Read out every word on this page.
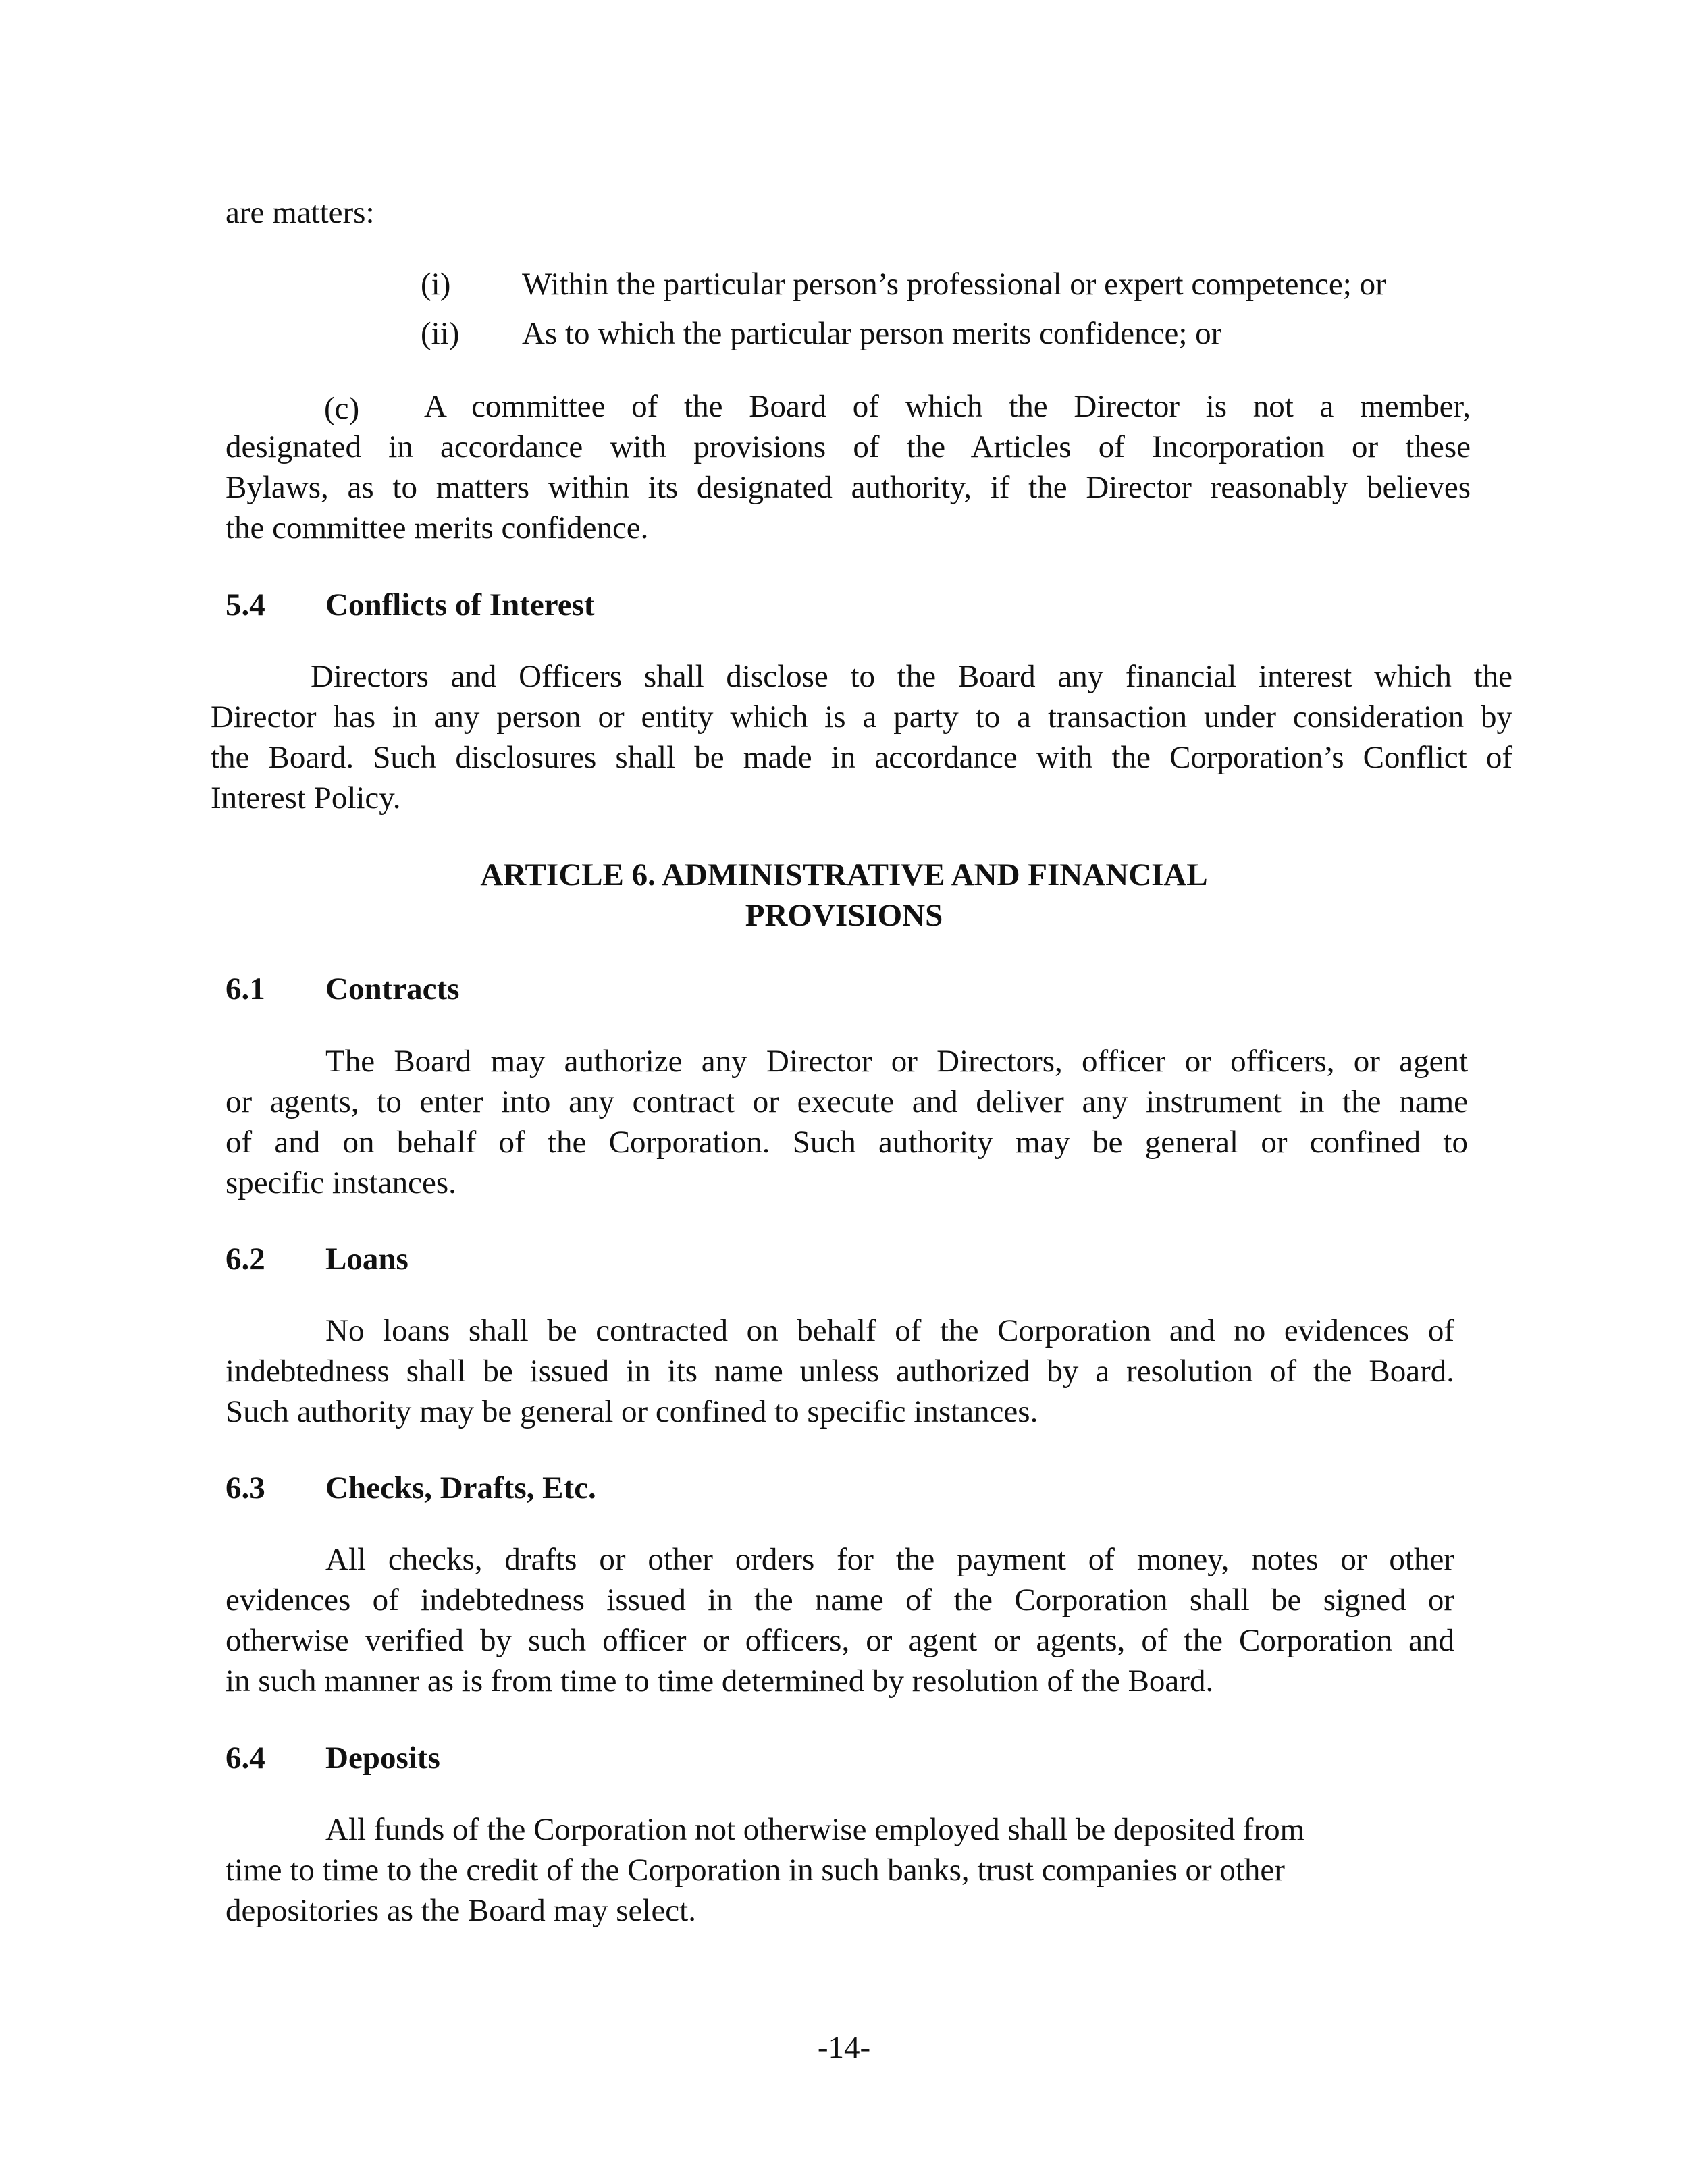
are matters:

(i) Within the particular person’s professional or expert competence; or
(ii) As to which the particular person merits confidence; or
(c) A committee of the Board of which the Director is not a member,

designated in accordance with provisions of the Articles of Incorporation or these

Bylaws, as to matters within its designated authority, if the Director reasonably believes

the committee merits confidence.

5.4 Conflicts of Interest

Directors and Officers shall disclose to the Board any financial interest which the

Director has in any person or entity which is a party to a transaction under consideration by

the Board. Such disclosures shall be made in accordance with the Corporation’s Conflict of

Interest Policy.

ARTICLE 6. ADMINISTRATIVE AND FINANCIAL

PROVISIONS

6.1 Contracts

The Board may authorize any Director or Directors, officer or officers, or agent

or agents, to enter into any contract or execute and deliver any instrument in the name

of and on behalf of the Corporation. Such authority may be general or confined to

specific instances.

6.2 Loans

No loans shall be contracted on behalf of the Corporation and no evidences of

indebtedness shall be issued in its name unless authorized by a resolution of the Board.

Such authority may be general or confined to specific instances.

6.3 Checks, Drafts, Etc.

All checks, drafts or other orders for the payment of money, notes or other

evidences of indebtedness issued in the name of the Corporation shall be signed or

otherwise verified by such officer or officers, or agent or agents, of the Corporation and

in such manner as is from time to time determined by resolution of the Board.

6.4 Deposits

All funds of the Corporation not otherwise employed shall be deposited from

time to time to the credit of the Corporation in such banks, trust companies or other

depositories as the Board may select.

-14-
